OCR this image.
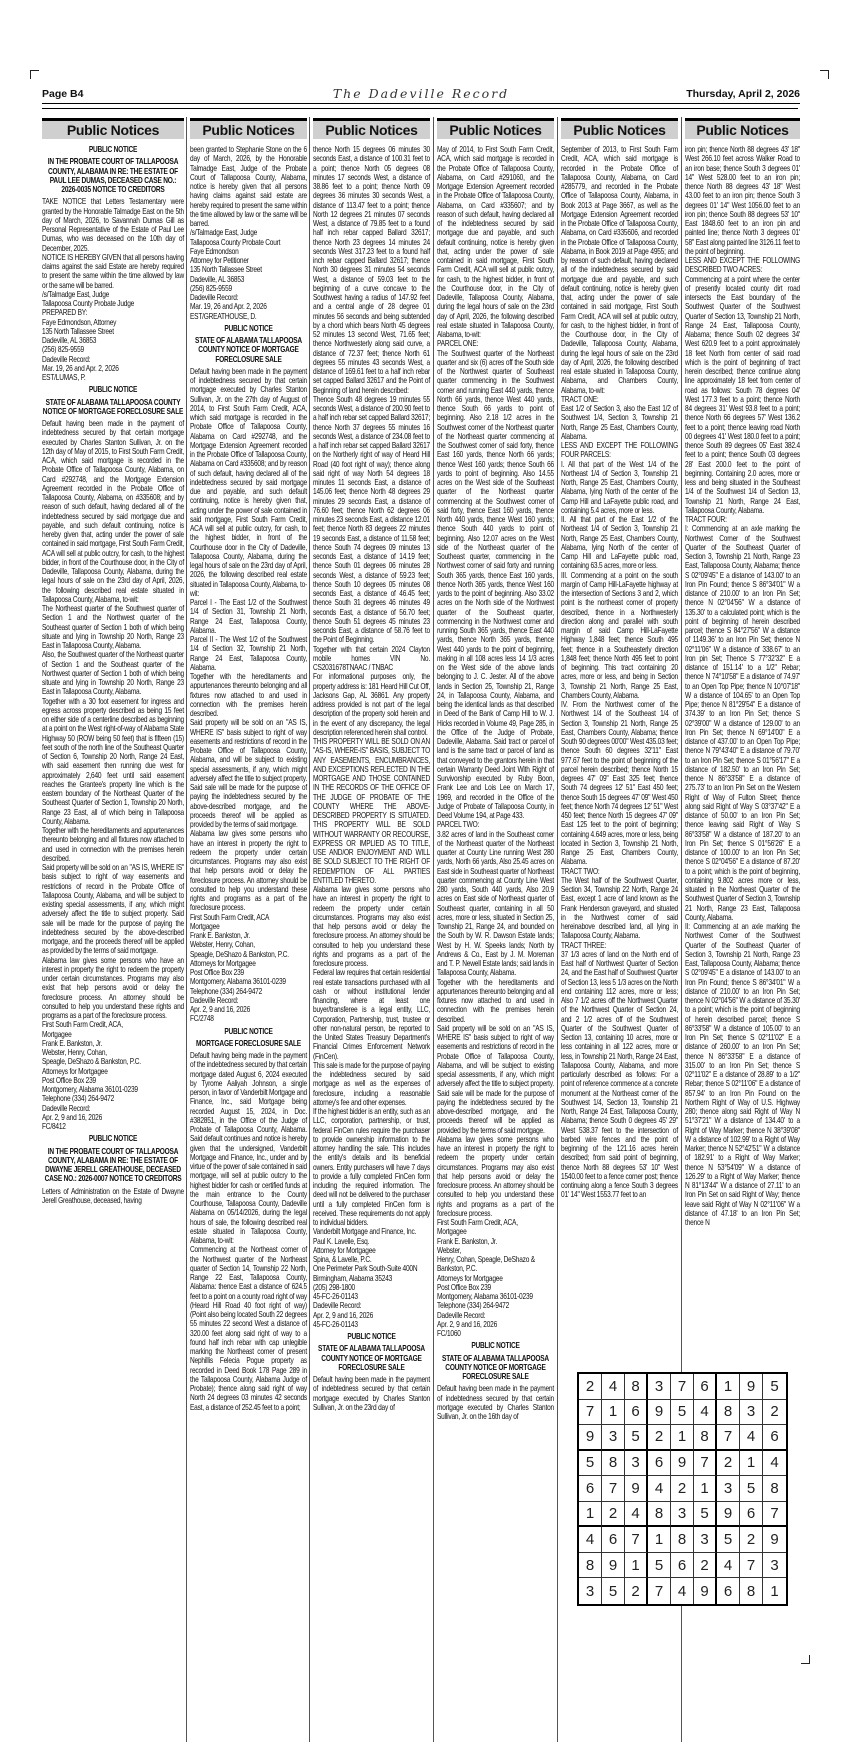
Page B4	The Dadeville Record	Thursday, April 2, 2026
Public Notices

PUBLIC NOTICE

IN THE PROBATE COURT OF TALLAPOOSA COUNTY, ALABAMA IN RE: THE ESTATE OF PAUL LEE DUMAS, DECEASED CASE NO.: 2026-0035 NOTICE TO CREDITORS

TAKE NOTICE that Letters Testamentary were granted by the Honorable Talmadge East on the 5th day of March, 2026, to Savannah Dumas Gill as Personal Representative of the Estate of Paul Lee Dumas, who was deceased on the 10th day of December, 2025.

NOTICE IS HEREBY GIVEN that all persons having claims against the said Estate are hereby required to present the same within the time allowed by law or the same will be barred.

/s/Talmadge East, Judge
Tallapoosa County Probate Judge

PREPARED BY:
Faye Edmondson, Attorney
135 North Tallassee Street
Dadeville, AL 36853
(256) 825-9559

Dadeville Record:
Mar. 19, 26 and Apr. 2, 2026
EST/LUMAS, P.

PUBLIC NOTICE

STATE OF ALABAMA TALLAPOOSA COUNTY NOTICE OF MORTGAGE FORECLOSURE SALE

Default having been made in the payment of indebtedness secured by that certain mortgage executed by Charles Stanton Sullivan, Jr. on the 12th day of May of 2015, to First South Farm Credit, ACA, which said mortgage is recorded in the Probate Office of Tallapoosa County, Alabama, on Card #292748, and the Mortgage Extension Agreement recorded in the Probate Office of Tallapoosa County, Alabama, on #335608; and by reason of such default, having declared all of the indebtedness secured by said mortgage due and payable, and such default continuing, notice is hereby given that, acting under the power of sale contained in said mortgage, First South Farm Credit, ACA will sell at public outcry, for cash, to the highest bidder, in front of the Courthouse door, in the City of Dadeville, Tallapoosa County, Alabama, during the legal hours of sale on the 23rd day of April, 2026, the following described real estate situated in Tallapoosa County, Alabama, to-wit:

The Northeast quarter of the Southwest quarter of Section 1 and the Northwest quarter of the Southeast quarter of Section 1 both of which being situate and lying in Township 20 North, Range 23 East in Tallapoosa County, Alabama.

Also, the Southwest quarter of the Northeast quarter of Section 1 and the Southeast quarter of the Northwest quarter of Section 1 both of which being situate and lying in Township 20 North, Range 23 East in Tallapoosa County, Alabama.

Together with a 30 foot easement for ingress and egress across property described as being 15 feet on either side of a centerline described as beginning at a point on the West right-of-way of Alabama State Highway 50 (ROW being 50 feet) that is fifteen (15) feet south of the north line of the Southeast Quarter of Section 6, Township 20 North, Range 24 East, with said easement then running due west for approximately 2,640 feet until said easement reaches the Grantee's property line which is the eastern boundary of the Northeast Quarter of the Southeast Quarter of Section 1, Township 20 North, Range 23 East, all of which being in Tallapoosa County, Alabama.

Together with the hereditaments and appurtenances thereunto belonging and all fixtures now attached to and used in connection with the premises herein described.

Said property will be sold on an "AS IS, WHERE IS" basis subject to right of way easements and restrictions of record in the Probate Office of Tallapoosa County, Alabama, and will be subject to existing special assessments, if any, which might adversely affect the title to subject property. Said sale will be made for the purpose of paying the indebtedness secured by the above-described mortgage, and the proceeds thereof will be applied as provided by the terms of said mortgage.

Alabama law gives some persons who have an interest in property the right to redeem the property under certain circumstances. Programs may also exist that help persons avoid or delay the foreclosure process. An attorney should be consulted to help you understand these rights and programs as a part of the foreclosure process.

First South Farm Credit, ACA,
Mortgagee
Frank E. Bankston, Jr.
Webster, Henry, Cohan,

Speagle, DeShazo & Bankston, P.C.
Attorneys for Mortgagee
Post Office Box 239
Montgomery, Alabama 36101-0239
Telephone (334) 264-9472

Dadeville Record:
Apr. 2, 9 and 16, 2026
FC/8412

PUBLIC NOTICE

IN THE PROBATE COURT OF TALLAPOOSA COUNTY, ALABAMA IN RE: THE ESTATE OF DWAYNE JERELL GREATHOUSE, DECEASED CASE NO.: 2026-0007 NOTICE TO CREDITORS

Letters of Administration on the Estate of Dwayne Jerell Greathouse, deceased, having

Public Notices

been granted to Stephanie Stone on the 6 day of March, 2026, by the Honorable Talmadge East, Judge of the Probate Court of Tallapoosa County, Alabama, notice is hereby given that all persons having claims against said estate are hereby required to present the same within the time allowed by law or the same will be barred.

/s/Talmadge East, Judge
Tallapoosa County Probate Court

Faye Edmondson
Attorney for Petitioner
135 North Tallassee Street
Dadeville, AL 36853
(256) 825-9559

Dadeville Record:
Mar. 19, 26 and Apr. 2, 2026
EST/GREATHOUSE, D.

PUBLIC NOTICE

STATE OF ALABAMA TALLAPOOSA COUNTY NOTICE OF MORTGAGE FORECLOSURE SALE

Default having been made in the payment of indebtedness secured by that certain mortgage executed by Charles Stanton Sullivan, Jr. on the 27th day of August of 2014, to First South Farm Credit, ACA, which said mortgage is recorded in the Probate Office of Tallapoosa County, Alabama on Card #292748, and the Mortgage Extension Agreement recorded in the Probate Office of Tallapoosa County, Alabama on Card #335608; and by reason of such default, having declared all of the indebtedness secured by said mortgage due and payable, and such default continuing, notice is hereby given that, acting under the power of sale contained in said mortgage, First South Farm Credit, ACA will sell at public outcry, for cash, to the highest bidder, in front of the Courthouse door in the City of Dadeville, Tallapoosa County, Alabama, during the legal hours of sale on the 23rd day of April, 2026, the following described real estate situated in Tallapoosa County, Alabama, to-wit:

Parcel I - The East 1/2 of the Southwest 1/4 of Section 31, Township 21 North, Range 24 East, Tallapoosa County, Alabama.

Parcel II - The West 1/2 of the Southwest 1/4 of Section 32, Township 21 North, Range 24 East, Tallapoosa County, Alabama.

Together with the hereditaments and appurtenances thereunto belonging and all fixtures now attached to and used in connection with the premises herein described.

Said property will be sold on an "AS IS, WHERE IS" basis subject to right of way easements and restrictions of record in the Probate Office of Tallapoosa County, Alabama, and will be subject to existing special assessments, if any, which might adversely affect the title to subject property. Said sale will be made for the purpose of paying the indebtedness secured by the above-described mortgage, and the proceeds thereof will be applied as provided by the terms of said mortgage.

Alabama law gives some persons who have an interest in property the right to redeem the property under certain circumstances. Programs may also exist that help persons avoid or delay the foreclosure process. An attorney should be consulted to help you understand these rights and programs as a part of the foreclosure process.

First South Farm Credit, ACA
Mortgagee
Frank E. Bankston, Jr.
Webster, Henry, Cohan,

Speagle, DeShazo & Bankston, P.C.
Attorneys for Mortgagee
Post Office Box 239
Montgomery, Alabama 36101-0239
Telephone (334) 264-9472

Dadeville Record:
Apr. 2, 9 and 16, 2026
FC/2748

PUBLIC NOTICE

MORTGAGE FORECLOSURE SALE

Default having being made in the payment of the indebtedness secured by that certain mortgage dated August 6, 2024 executed by Tyrome Aaliyah Johnson, a single person, in favor of Vanderbilt Mortgage and Finance, Inc., said Mortgage being recorded August 15, 2024, in Doc. #382851, in the Office of the Judge of Probate of Tallapoosa County, Alabama. Said default continues and notice is hereby given that the undersigned, Vanderbilt Mortgage and Finance, Inc., under and by virtue of the power of sale contained in said mortgage, will sell at public outcry to the highest bidder for cash or certified funds at the main entrance to the County Courthouse, Tallapoosa County, Dadeville Alabama on 05/14/2026, during the legal hours of sale, the following described real estate situated in Tallapoosa County, Alabama, to-wit:

Commencing at the Northeast corner of the Northwest quarter of the Northeast quarter of Section 14, Township 22 North, Range 22 East, Tallapoosa County, Alabama: thence East a distance of 624.5 feet to a point on a county road right of way (Heard Hill Road 40 foot right of way) (Point also being located South 22 degrees 55 minutes 22 second West a distance of 320.00 feet along said right of way to a found half inch rebar with cap unlegible marking the Northeast corner of present Nephillis Felecia Pogue property as recorded in Deed Book 178 Page 289 in the Tallapoosa County, Alabama Judge of Probate); thence along said right of way North 24 degrees 03 minutes 42 seconds East, a distance of 252.45 feet to a point;

Public Notices

thence North 15 degrees 06 minutes 30 seconds East, a distance of 100.31 feet to a point; thence North 05 degrees 08 minutes 17 seconds West, a distance of 38.86 feet to a point; thence North 09 degrees 36 minutes 30 seconds West, a distance of 113.47 feet to a point; thence North 12 degrees 21 minutes 07 seconds West, a distance of 79.85 feet to a found half inch rebar capped Ballard 32617; thence North 23 degrees 14 minutes 24 seconds West 317.23 feet to a found half inch rebar capped Ballard 32617; thence North 30 degrees 31 minutes 54 seconds West, a distance of 59.03 feet to the beginning of a curve concave to the Southwest having a radius of 147.92 feet and a central angle of 28 degree 01 minutes 56 seconds and being subtended by a chord which bears North 45 degrees 52 minutes 13 second West, 71.65 feet; thence Northwesterly along said curve, a distance of 72.37 feet; thence North 61 degrees 55 minutes 43 seconds West, a distance of 169.61 feet to a half inch rebar set capped Ballard 32617 and the Point of Beginning of land herein described:

Thence South 48 degrees 19 minutes 55 seconds West, a distance of 200.90 feet to a half inch rebar set capped Ballard 32617; thence North 37 degrees 55 minutes 16 seconds West, a distance of 234.08 feet to a half inch rebar set capped Ballard 32617 on the Northerly right of way of Heard Hill Road (40 foot right of way); thence along said right of way North 54 degrees 18 minutes 11 seconds East, a distance of 145.06 feet; thence North 48 degrees 29 minutes 29 seconds East, a distance of 76.60 feet; thence North 62 degrees 06 minutes 23 seconds East, a distance 12.01 feet; thence North 83 degrees 22 minutes 19 seconds East, a distance of 11.58 feet; thence South 74 degrees 09 minutes 13 seconds East, a distance of 14.19 feet; thence South 01 degrees 06 minutes 28 seconds West, a distance of 59.23 feet; thence South 10 degrees 05 minutes 08 seconds East, a distance of 46.45 feet; thence South 31 degrees 46 minutes 49 seconds East, a distance of 56.70 feet; thence South 51 degrees 45 minutes 23 seconds East, a distance of 58.76 feet to the Point of Beginning.

Together with that certain 2024 Clayton mobile homes VIN No. CS2031678TNAAC / TNBAC

For informational purposes only, the property address is: 181 Heard Hill Cut Off, Jacksons Gap, AL 36861. Any property address provided is not part of the legal description of the property sold herein and in the event of any discrepancy, the legal description referenced herein shall control.

THIS PROPERTY WILL BE SOLD ON AN "AS-IS, WHERE-IS" BASIS, SUBJECT TO ANY EASEMENTS, ENCUMBRANCES, AND EXCEPTIONS REFLECTED IN THE MORTGAGE AND THOSE CONTAINED IN THE RECORDS OF THE OFFICE OF THE JUDGE OF PROBATE OF THE COUNTY WHERE THE ABOVE-DESCRIBED PROPERTY IS SITUATED. THIS PROPERTY WILL BE SOLD WITHOUT WARRANTY OR RECOURSE, EXPRESS OR IMPLIED AS TO TITLE, USE AND/OR ENJOYMENT AND WILL BE SOLD SUBJECT TO THE RIGHT OF REDEMPTION OF ALL PARTIES ENTITLED THERETO.

Alabama law gives some persons who have an interest in property the right to redeem the property under certain circumstances. Programs may also exist that help persons avoid or delay the foreclosure process. An attorney should be consulted to help you understand these rights and programs as a part of the foreclosure process.

Federal law requires that certain residential real estate transactions purchased with all cash or without institutional lender financing, where at least one buyer/transferee is a legal entity, LLC, Corporation, Partnership, trust, trustee or other non-natural person, be reported to the United States Treasury Department's Financial Crimes Enforcement Network (FinCen).

This sale is made for the purpose of paying the indebtedness secured by said mortgage as well as the expenses of foreclosure, including a reasonable attorney's fee and other expenses.

If the highest bidder is an entity, such as an LLC, corporation, partnership, or trust, federal FinCen rules require the purchaser to provide ownership information to the attorney handling the sale. This includes the entity's details and its beneficial owners. Entity purchasers will have 7 days to provide a fully completed FinCen form including the required information. The deed will not be delivered to the purchaser until a fully completed FinCen form is received. These requirements do not apply to individual bidders.

Vanderbilt Mortgage and Finance, Inc.

Paul K. Lavelle, Esq.
Attorney for Mortgagee
Spina, & Lavelle, P.C.
One Perimeter Park South-Suite 400N
Birmingham, Alabama 35243
(205) 298-1800
45-FC-26-01143

Dadeville Record:
Apr. 2, 9 and 16, 2026
45-FC-26-01143

PUBLIC NOTICE

STATE OF ALABAMA TALLAPOOSA COUNTY NOTICE OF MORTGAGE FORECLOSURE SALE

Default having been made in the payment of indebtedness secured by that certain mortgage executed by Charles Stanton Sullivan, Jr. on the 23rd day of

Public Notices

May of 2014, to First South Farm Credit, ACA, which said mortgage is recorded in the Probate Office of Tallapoosa County, Alabama, on Card #291060, and the Mortgage Extension Agreement recorded in the Probate Office of Tallapoosa County, Alabama, on Card #335607; and by reason of such default, having declared all of the indebtedness secured by said mortgage due and payable, and such default continuing, notice is hereby given that, acting under the power of sale contained in said mortgage, First South Farm Credit, ACA will sell at public outcry, for cash, to the highest bidder, in front of the Courthouse door, in the City of Dadeville, Tallapoosa County, Alabama, during the legal hours of sale on the 23rd day of April, 2026, the following described real estate situated in Tallapoosa County, Alabama, to-wit:

PARCEL ONE:

The Southwest quarter of the Northeast quarter and six (6) acres off the South side of the Northwest quarter of Southeast quarter commencing in the Southwest corner and running East 440 yards, thence North 66 yards, thence West 440 yards, thence South 66 yards to point of beginning. Also 2.18 1/2 acres in the Southwest corner of the Northeast quarter of the Northeast quarter commencing at the Southwest corner of said forty, thence East 160 yards, thence North 66 yards; thence West 160 yards; thence South 66 yards to point of beginning. Also 14.55 acres on the West side of the Southeast quarter of the Northeast quarter commencing at the Southwest corner of said forty, thence East 160 yards, thence North 440 yards, thence West 160 yards; thence South 440 yards to point of beginning. Also 12.07 acres on the West side of the Northeast quarter of the Southeast quarter, commencing in the Northwest corner of said forty and running South 365 yards, thence East 160 yards, thence North 365 yards, thence West 160 yards to the point of beginning. Also 33.02 acres on the North side of the Northwest quarter of the Southeast quarter, commencing in the Northwest corner and running South 365 yards, thence East 440 yards, thence North 365 yards, thence West 440 yards to the point of beginning, making in all 108 acres less 14 1/3 acres on the West side of the above lands belonging to J. C. Jester. All of the above lands in Section 25, Township 21, Range 24, in Tallapoosa County, Alabama, and being the identical lands as that described in Deed of the Bank of Camp Hill to W. J. Hicks recorded in Volume 49, Page 285, in the Office of the Judge of Probate, Dadeville, Alabama. Said tract or parcel of land is the same tract or parcel of land as that conveyed to the grantors herein in that certain Warranty Deed Joint With Right of Survivorship executed by Ruby Boon, Frank Lee and Lois Lee on March 17, 1969, and recorded in the Office of the Judge of Probate of Tallapoosa County, in Deed Volume 194, at Page 433.

PARCEL TWO:

3.82 acres of land in the Southeast corner of the Northeast quarter of the Northeast quarter at County Line running West 280 yards, North 66 yards, Also 25.45 acres on East side in Southeast quarter of Northeast quarter commencing at County Line West 280 yards, South 440 yards, Also 20.9 acres on East side of Northeast quarter of Southeast quarter, containing in all 50 acres, more or less, situated in Section 25, Township 21, Range 24, and bounded on the South by W. R. Dawson Estate lands; West by H. W. Speeks lands; North by Andrews & Co., East by J. M. Moreman and T. P. Newell Estate lands; said lands in Tallapoosa County, Alabama.

Together with the hereditaments and appurtenances thereunto belonging and all fixtures now attached to and used in connection with the premises herein described.

Said property will be sold on an "AS IS, WHERE IS" basis subject to right of way easements and restrictions of record in the Probate Office of Tallapoosa County, Alabama, and will be subject to existing special assessments, if any, which might adversely affect the title to subject property. Said sale will be made for the purpose of paying the indebtedness secured by the above-described mortgage, and the proceeds thereof will be applied as provided by the terms of said mortgage.

Alabama law gives some persons who have an interest in property the right to redeem the property under certain circumstances. Programs may also exist that help persons avoid or delay the foreclosure process. An attorney should be consulted to help you understand these rights and programs as a part of the foreclosure process.

First South Farm Credit, ACA,
Mortgagee
Frank E. Bankston, Jr.
Webster,

Henry, Cohan, Speagle, DeShazo & Bankston, P.C.
Attorneys for Mortgagee
Post Office Box 239
Montgomery, Alabama 36101-0239
Telephone (334) 264-9472

Dadeville Record:
Apr. 2, 9 and 16, 2026
FC/1060

PUBLIC NOTICE

STATE OF ALABAMA TALLAPOOSA COUNTY NOTICE OF MORTGAGE FORECLOSURE SALE

Default having been made in the payment of indebtedness secured by that certain mortgage executed by Charles Stanton Sullivan, Jr. on the 16th day of

Public Notices

September of 2013, to First South Farm Credit, ACA, which said mortgage is recorded in the Probate Office of Tallapoosa County, Alabama, on Card #285779, and recorded in the Probate Office of Tallapoosa County, Alabama, in Book 2013 at Page 3667, as well as the Mortgage Extension Agreement recorded in the Probate Office of Tallapoosa County, Alabama, on Card #335606, and recorded in the Probate Office of Tallapoosa County, Alabama, in Book 2019 at Page 4955; and by reason of such default, having declared all of the indebtedness secured by said mortgage due and payable, and such default continuing, notice is hereby given that, acting under the power of sale contained in said mortgage, First South Farm Credit, ACA will sell at public outcry, for cash, to the highest bidder, in front of the Courthouse door, in the City of Dadeville, Tallapoosa County, Alabama, during the legal hours of sale on the 23rd day of April, 2026, the following described real estate situated in Tallapoosa County, Alabama, and Chambers County, Alabama, to-wit:

TRACT ONE:

East 1/2 of Section 3, also the East 1/2 of Southwest 1/4, Section 3, Township 21 North, Range 25 East, Chambers County, Alabama.

LESS AND EXCEPT THE FOLLOWING FOUR PARCELS:

I. All that part of the West 1/4 of the Northeast 1/4 of Section 3, Township 21 North, Range 25 East, Chambers County, Alabama, lying North of the center of the Camp Hill and LaFayette public road, and containing 5.4 acres, more or less.

II. All that part of the East 1/2 of the Northeast 1/4 of Section 3, Township 21 North, Range 25 East, Chambers County, Alabama, lying North of the center of Camp Hill and LaFayette public road, containing 63.5 acres, more or less.

III. Commencing at a point on the south margin of Camp Hill-LaFayette highway at the intersection of Sections 3 and 2, which point is the northeast corner of property described, thence in a Northwesterly direction along and parallel with south margin of said Camp Hill-LaFayette Highway 1,848 feet; thence South 495 feet; thence in a Southeasterly direction 1,848 feet; thence North 495 feet to point of beginning. This tract containing 20 acres, more or less, and being in Section 3, Township 21 North, Range 25 East, Chambers County, Alabama.

IV. From the Northwest corner of the Northwest 1/4 of the Southeast 1/4 of Section 3, Township 21 North, Range 25 East, Chambers County, Alabama; thence South 90 degrees 00'00" West 435.03 feet; thence South 60 degrees 32'11" East 977.67 feet to the point of beginning of the parcel herein described; thence North 15 degrees 47' 09" East 325 feet; thence South 74 degrees 12' 51" East 450 feet; thence South 15 degrees 47' 09" West 450 feet; thence North 74 degrees 12' 51" West 450 feet; thence North 15 degrees 47' 09" East 125 feet to the point of beginning; containing 4.649 acres, more or less, being located in Section 3, Township 21 North, Range 25 East, Chambers County, Alabama.

TRACT TWO:

The West half of the Southwest Quarter, Section 34, Township 22 North, Range 24 East, except 1 acre of land known as the Frank Henderson graveyard, and situated in the Northwest corner of said hereinabove described land, all lying in Tallapoosa County, Alabama.

TRACT THREE:

37 1/3 acres of land on the North end of East half of Northwest Quarter of Section 24, and the East half of Southwest Quarter of Section 13, less 5 1/3 acres on the North end containing 112 acres, more or less; Also 7 1/2 acres off the Northwest Quarter of the Northwest Quarter of Section 24, and 2 1/2 acres off of the Southwest Quarter of the Southwest Quarter of Section 13, containing 10 acres, more or less containing in all 122 acres, more or less, in Township 21 North, Range 24 East, Tallapoosa County, Alabama, and more particularly described as follows: For a point of reference commence at a concrete monument at the Northeast corner of the Southwest 1/4, Section 13, Township 21 North, Range 24 East, Tallapoosa County, Alabama; thence South 0 degrees 45' 29" West 538.37 feet to the intersection of barbed wire fences and the point of beginning of the 121.16 acres herein described; from said point of beginning, thence North 88 degrees 53' 10" West 1540.00 feet to a fence corner post; thence continuing along a fence South 3 degrees 01' 14" West 1553.77 feet to an

Public Notices

iron pin; thence North 88 degrees 43' 18" West 266.10 feet across Walker Road to an iron base; thence South 3 degrees 01' 14" West 528.00 feet to an iron pin; thence North 88 degrees 43' 18" West 43.00 feet to an iron pin; thence South 3 degrees 01' 14" West 1056.00 feet to an iron pin; thence South 88 degrees 53' 10" East 1848.60 feet to an iron pin and painted line; thence North 3 degrees 01' 58" East along painted line 3126.11 feet to the point of beginning.

LESS AND EXCEPT THE FOLLOWING DESCRIBED TWO ACRES:

Commencing at a point where the center of presently located county dirt road intersects the East boundary of the Southwest Quarter of the Southwest Quarter of Section 13, Township 21 North, Range 24 East, Tallapoosa County, Alabama; thence South 02 degrees 34' West 620.9 feet to a point approximately 18 feet North from center of said road which is the point of beginning of tract herein described; thence continue along line approximately 18 feet from center of road as follows: South 78 degrees 04' West 177.3 feet to a point; thence North 84 degrees 31' West 93.8 feet to a point; thence North 66 degrees 57' West 136.2 feet to a point; thence leaving road North 00 degrees 41' West 180.0 feet to a point; thence South 89 degrees 05' East 382.4 feet to a point; thence South 03 degrees 28' East 200.0 feet to the point of beginning. Containing 2.0 acres, more or less and being situated in the Southeast 1/4 of the Southwest 1/4 of Section 13, Township 21 North, Range 24 East, Tallapoosa County, Alabama.

TRACT FOUR:

I: Commencing at an axle marking the Northwest Corner of the Southwest Quarter of the Southeast Quarter of Section 3, Township 21 North, Range 23 East, Tallapoosa County, Alabama; thence S 02°09'45" E a distance of 143.00' to an Iron Pin Found; thence S 86°34'01" W a distance of 210.00' to an Iron Pin Set; thence N 02°04'56" W a distance of 135.30' to a calculated point; which is the point of beginning of herein described parcel; thence S 84°27'56" W a distance of 1149.36' to an Iron Pin Set; thence N 02°11'06" W a distance of 338.67' to an Iron pin Set; Thence S 77°32'32" E a distance of 151.14' to a 1/2" Rebar; thence N 74°10'58" E a distance of 74.97' to an Open Top Pipe; thence N 10°07'18" W a distance of 104.65' to an Open Top Pipe; thence N 81°29'54" E a distance of 374.39' to an Iron Pin Set; thence S 02°39'00" W a distance of 129.00' to an Iron Pin Set; thence N 69°14'00" E a distance of 437.00' to an Open Top Pipe; thence N 79°43'40" E a distance of 79.70' to an Iron Pin Set; thence S 01°56'17" E a distance of 182.50' to an Iron Pin Set; thence N 86°33'58" E a distance of 275.73' to an Iron Pin Set on the Western Right of Way of Fulton Street; thence along said Right of Way S 03°37'42" E a distance of 50.00' to an Iron Pin Set; thence leaving said Right of Way S 86°33'58" W a distance of 187.20' to an Iron Pin Set; thence S 01°56'26" E a distance of 100.00' to an Iron Pin Set; thence S 02°04'56" E a distance of 87.20' to a point; which is the point of beginning, containing 9.802 acres more or less, situated in the Northeast Quarter of the Southwest Quarter of Section 3, Township 21 North, Range 23 East, Tallapoosa County, Alabama.

II: Commencing at an axle marking the Northwest Corner of the Southwest Quarter of the Southeast Quarter of Section 3, Township 21 North, Range 23 East, Tallapoosa County, Alabama; thence S 02°09'45" E a distance of 143.00' to an Iron Pin Found; thence S 86°34'01" W a distance of 210.00' to an Iron Pin Set; thence N 02°04'56" W a distance of 35.30' to a point; which is the point of beginning of herein described parcel; thence S 86°33'58" W a distance of 105.00' to an Iron Pin Set; thence S 02°11'02" E a distance of 260.00' to an Iron Pin Set; thence N 86°33'58" E a distance of 315.00' to an Iron Pin Set; thence S 02°11'02" E a distance of 28.89' to a 1/2" Rebar; thence S 02°11'06" E a distance of 857.94' to an Iron Pin Found on the Northern Right of Way of U.S. Highway 280; thence along said Right of Way N 51°37'21" W a distance of 134.40' to a Right of Way Marker; thence N 38°39'08" W a distance of 102.99' to a Right of Way Marker; thence N 52°42'51" W a distance of 182.91' to a Right of Way Marker; thence N 53°54'09" W a distance of 126.29' to a Right of Way Marker; thence N 81°13'44" W a distance of 27.11' to an Iron Pin Set on said Right of Way; thence leave said Right of Way N 02°11'06" W a distance of 47.18' to an Iron Pin Set; thence N

2 4 8	3 7 6	1 9	5
7 1 6	9 5 4	8 3	2
9 3 5	2 1 8	7 4	6
5 8 3	6 9 7	2 1	4
6 7 9	4 2 1	3 5	8
1 2 4	8 3 5	9 6	7
4 6 7	1 8 3	5 2	9
8 9 1	5 6 2	4 7	3
3 5 2	7 4 9	6 8	1
